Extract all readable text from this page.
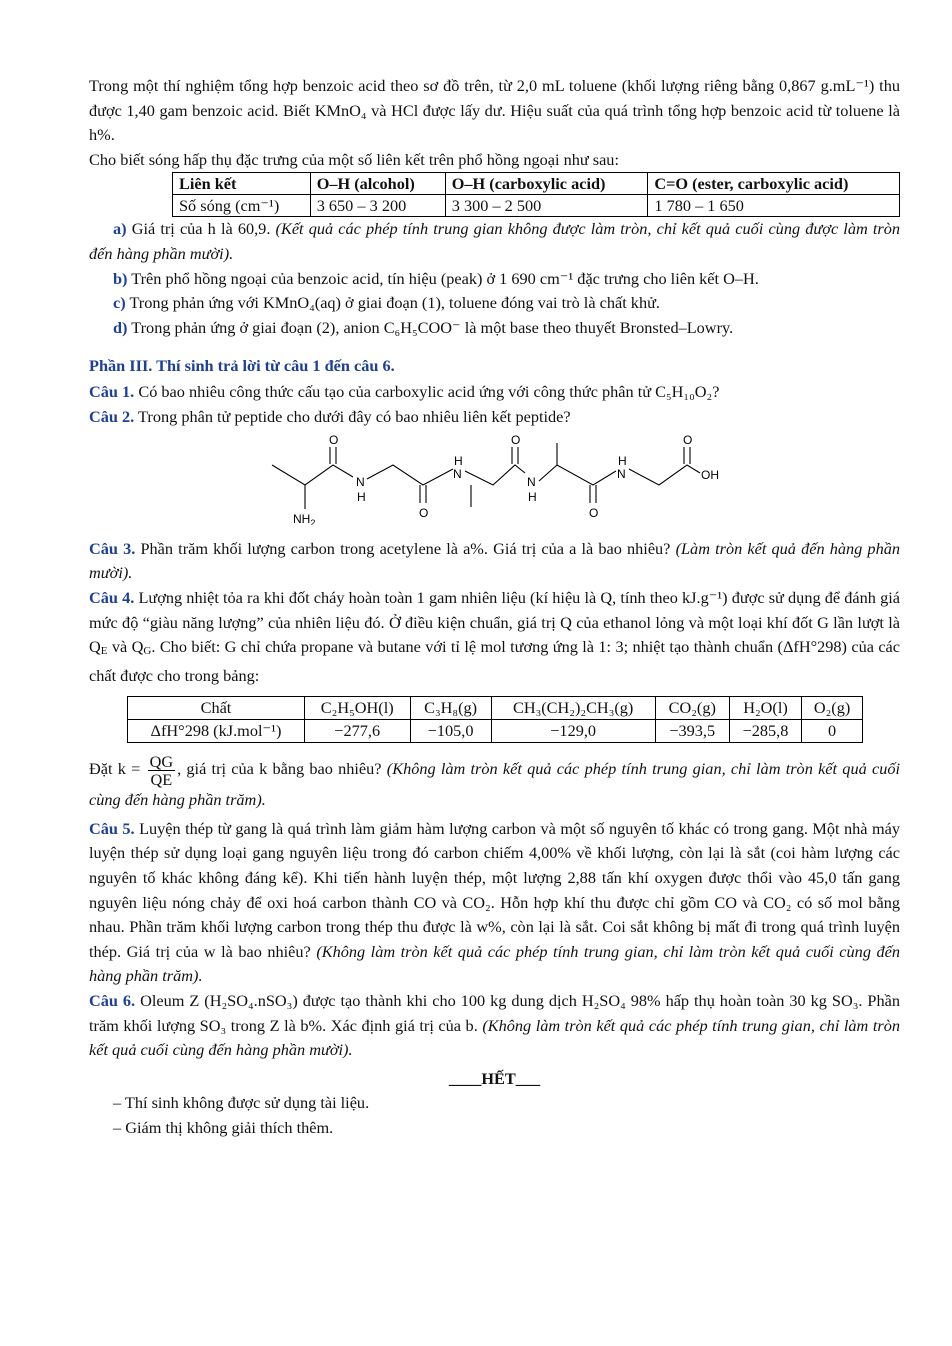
Trong một thí nghiệm tổng hợp benzoic acid theo sơ đồ trên, từ 2,0 mL toluene (khối lượng riêng bằng 0,867 g.mL⁻¹) thu được 1,40 gam benzoic acid. Biết KMnO₄ và HCl được lấy dư. Hiệu suất của quá trình tổng hợp benzoic acid từ toluene là h%.

Cho biết sóng hấp thụ đặc trưng của một số liên kết trên phổ hồng ngoại như sau:

Liên kết	O–H (alcohol)	O–H (carboxylic acid)	C=O (ester, carboxylic acid)
Số sóng (cm⁻¹)	3 650 – 3 200	3 300 – 2 500	1 780 – 1 650

a) Giá trị của h là 60,9. (Kết quả các phép tính trung gian không được làm tròn, chỉ kết quả cuối cùng được làm tròn đến hàng phần mười).

b) Trên phổ hồng ngoại của benzoic acid, tín hiệu (peak) ở 1 690 cm⁻¹ đặc trưng cho liên kết O–H.

c) Trong phản ứng với KMnO₄(aq) ở giai đoạn (1), toluene đóng vai trò là chất khử.

d) Trong phản ứng ở giai đoạn (2), anion C₆H₅COO⁻ là một base theo thuyết Bronsted–Lowry.

Phần III. Thí sinh trả lời từ câu 1 đến câu 6.

Câu 1. Có bao nhiêu công thức cấu tạo của carboxylic acid ứng với công thức phân tử C₅H₁₀O₂?

Câu 2. Trong phân tử peptide cho dưới đây có bao nhiêu liên kết peptide?

O
N
H
O
H
N
O
N
H
O
H
N
O
OH
$NH_2$

Câu 3. Phần trăm khối lượng carbon trong acetylene là a%. Giá trị của a là bao nhiêu? (Làm tròn kết quả đến hàng phần mười).

Câu 4. Lượng nhiệt tỏa ra khi đốt cháy hoàn toàn 1 gam nhiên liệu (kí hiệu là Q, tính theo kJ.g⁻¹) được sử dụng để đánh giá mức độ “giàu năng lượng” của nhiên liệu đó. Ở điều kiện chuẩn, giá trị Q của ethanol lỏng và một loại khí đốt G lần lượt là QE và QG. Cho biết: G chỉ chứa propane và butane với tỉ lệ mol tương ứng là 1: 3; nhiệt tạo thành chuẩn (ΔfH°298) của các chất được cho trong bảng:

Chất	C₂H₅OH(l)	C₃H₈(g)	CH₃(CH₂)₂CH₃(g)	CO₂(g)	H₂O(l)	O₂(g)
ΔfH°298 (kJ.mol⁻¹)	−277,6	−105,0	−129,0	−393,5	−285,8	0

Đặt $k = \frac{QG}{QE}$ , giá trị của k bằng bao nhiêu? (Không làm tròn kết quả các phép tính trung gian, chỉ làm tròn kết quả cuối cùng đến hàng phần trăm).

Câu 5. Luyện thép từ gang là quá trình làm giảm hàm lượng carbon và một số nguyên tố khác có trong gang. Một nhà máy luyện thép sử dụng loại gang nguyên liệu trong đó carbon chiếm 4,00% về khối lượng, còn lại là sắt (coi hàm lượng các nguyên tố khác không đáng kể). Khi tiến hành luyện thép, một lượng 2,88 tấn khí oxygen được thổi vào 45,0 tấn gang nguyên liệu nóng chảy để oxi hoá carbon thành CO và CO₂. Hỗn hợp khí thu được chỉ gồm CO và CO₂ có số mol bằng nhau. Phần trăm khối lượng carbon trong thép thu được là w%, còn lại là sắt. Coi sắt không bị mất đi trong quá trình luyện thép. Giá trị của w là bao nhiêu? (Không làm tròn kết quả các phép tính trung gian, chỉ làm tròn kết quả cuối cùng đến hàng phần trăm).

Câu 6. Oleum Z (H₂SO₄.nSO₃) được tạo thành khi cho 100 kg dung dịch H₂SO₄ 98% hấp thụ hoàn toàn 30 kg SO₃. Phần trăm khối lượng SO₃ trong Z là b%. Xác định giá trị của b. (Không làm tròn kết quả các phép tính trung gian, chỉ làm tròn kết quả cuối cùng đến hàng phần mười).

____HẾT___

– Thí sinh không được sử dụng tài liệu.

– Giám thị không giải thích thêm.
